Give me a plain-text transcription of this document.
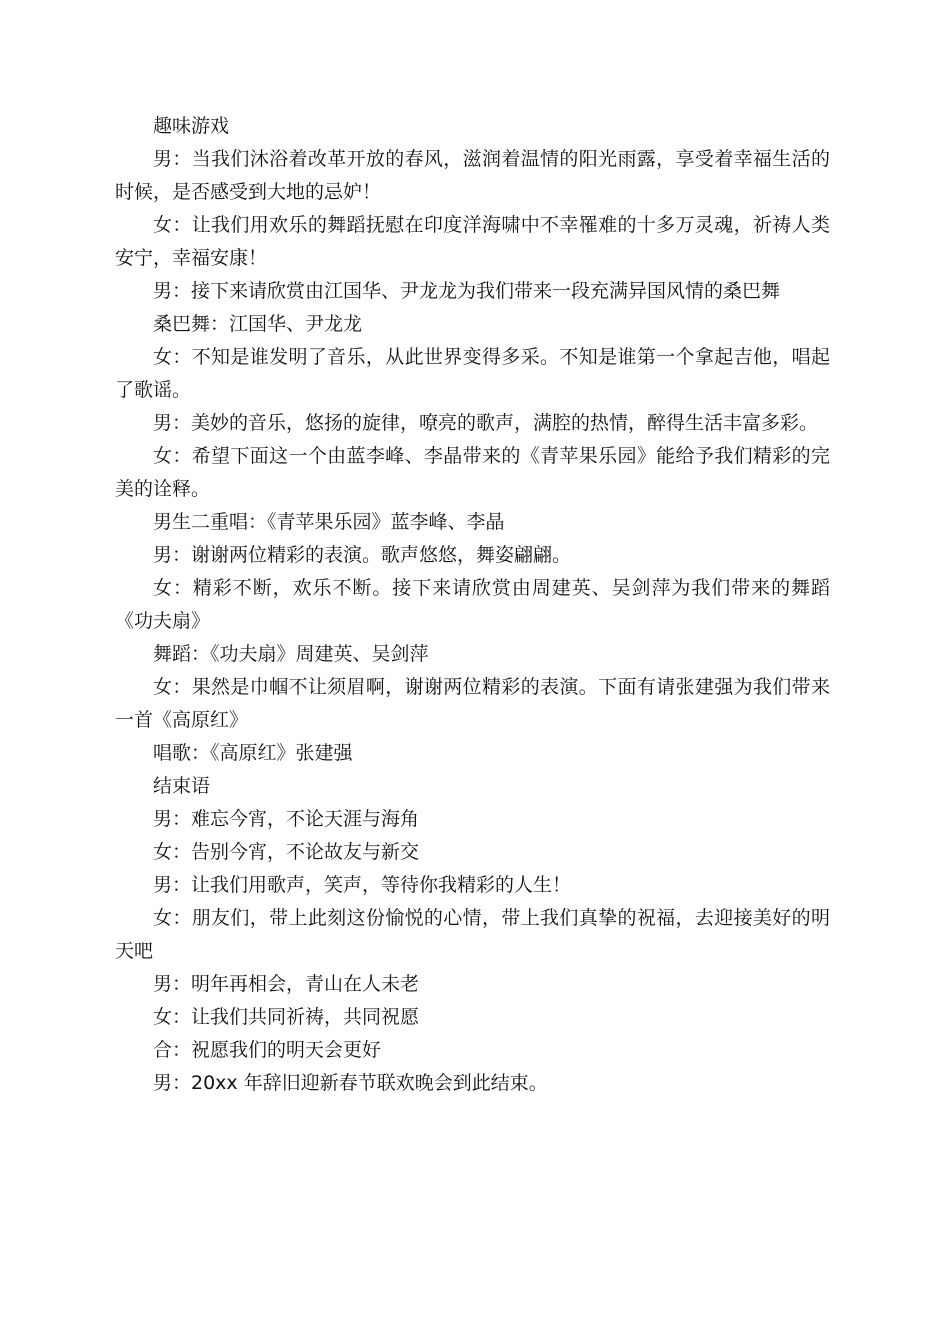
趣味游戏

男：当我们沐浴着改革开放的春风，滋润着温情的阳光雨露，享受着幸福生活的时候，是否感受到大地的忌妒！

女：让我们用欢乐的舞蹈抚慰在印度洋海啸中不幸罹难的十多万灵魂，祈祷人类安宁，幸福安康！

男：接下来请欣赏由江国华、尹龙龙为我们带来一段充满异国风情的桑巴舞

桑巴舞：江国华、尹龙龙

女：不知是谁发明了音乐，从此世界变得多采。不知是谁第一个拿起吉他，唱起了歌谣。

男：美妙的音乐，悠扬的旋律，嘹亮的歌声，满腔的热情，醉得生活丰富多彩。

女：希望下面这一个由蓝李峰、李晶带来的《青苹果乐园》能给予我们精彩的完美的诠释。

男生二重唱：《青苹果乐园》蓝李峰、李晶

男：谢谢两位精彩的表演。歌声悠悠，舞姿翩翩。

女：精彩不断，欢乐不断。接下来请欣赏由周建英、吴剑萍为我们带来的舞蹈《功夫扇》

舞蹈：《功夫扇》周建英、吴剑萍

女：果然是巾帼不让须眉啊，谢谢两位精彩的表演。下面有请张建强为我们带来一首《高原红》

唱歌：《高原红》张建强

结束语

男：难忘今宵，不论天涯与海角

女：告别今宵，不论故友与新交

男：让我们用歌声，笑声，等待你我精彩的人生！

女：朋友们，带上此刻这份愉悦的心情，带上我们真挚的祝福，去迎接美好的明天吧

男：明年再相会，青山在人未老

女：让我们共同祈祷，共同祝愿

合：祝愿我们的明天会更好

男：20xx 年辞旧迎新春节联欢晚会到此结束。
